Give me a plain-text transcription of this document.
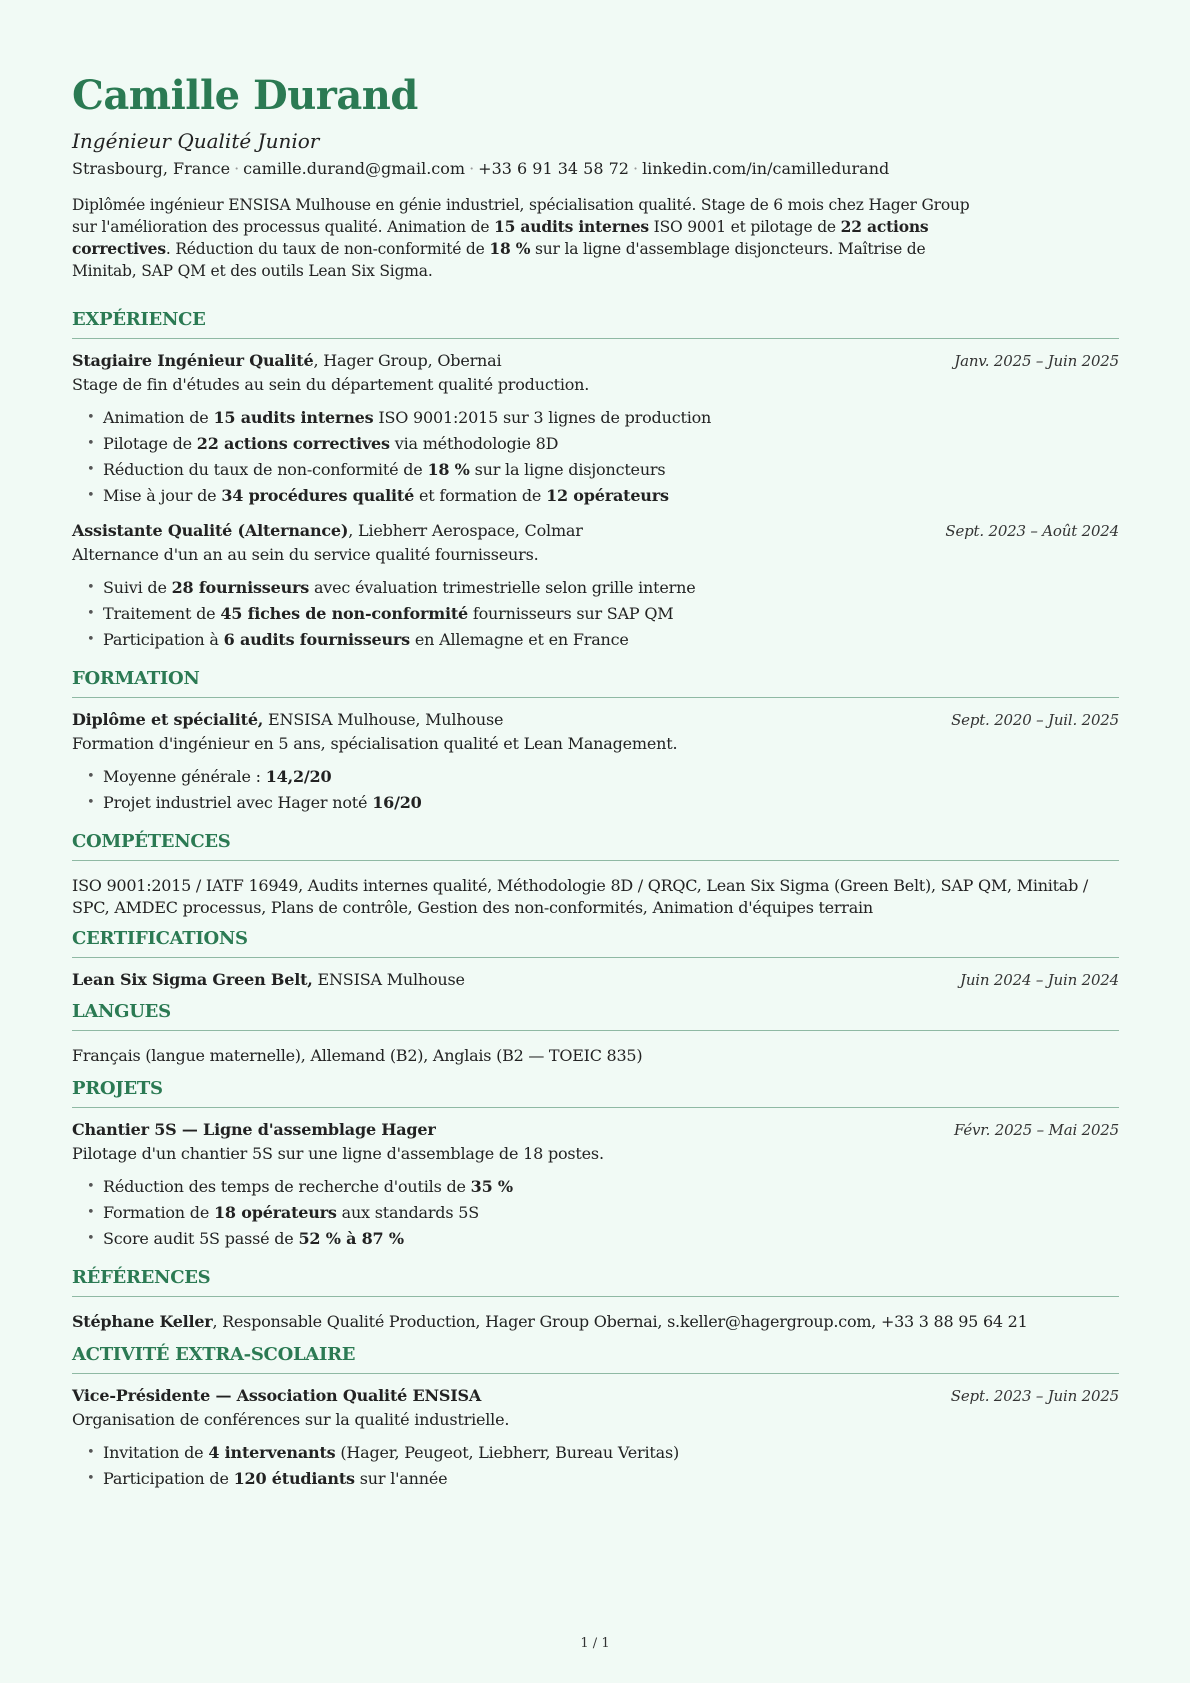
Camille Durand
Ingénieur Qualité Junior
Strasbourg, France · camille.durand@gmail.com · +33 6 91 34 58 72 · linkedin.com/in/camilledurand
Diplômée ingénieur ENSISA Mulhouse en génie industriel, spécialisation qualité. Stage de 6 mois chez Hager Group sur l'amélioration des processus qualité. Animation de 15 audits internes ISO 9001 et pilotage de 22 actions correctives. Réduction du taux de non-conformité de 18 % sur la ligne d'assemblage disjoncteurs. Maîtrise de Minitab, SAP QM et des outils Lean Six Sigma.
EXPÉRIENCE
Stagiaire Ingénieur Qualité, Hager Group, Obernai	Janv. 2025 – Juin 2025
Stage de fin d'études au sein du département qualité production.
• Animation de 15 audits internes ISO 9001:2015 sur 3 lignes de production
• Pilotage de 22 actions correctives via méthodologie 8D
• Réduction du taux de non-conformité de 18 % sur la ligne disjoncteurs
• Mise à jour de 34 procédures qualité et formation de 12 opérateurs
Assistante Qualité (Alternance), Liebherr Aerospace, Colmar	Sept. 2023 – Août 2024
Alternance d'un an au sein du service qualité fournisseurs.
• Suivi de 28 fournisseurs avec évaluation trimestrielle selon grille interne
• Traitement de 45 fiches de non-conformité fournisseurs sur SAP QM
• Participation à 6 audits fournisseurs en Allemagne et en France
FORMATION
Diplôme et spécialité, ENSISA Mulhouse, Mulhouse	Sept. 2020 – Juil. 2025
Formation d'ingénieur en 5 ans, spécialisation qualité et Lean Management.
• Moyenne générale : 14,2/20
• Projet industriel avec Hager noté 16/20
COMPÉTENCES
ISO 9001:2015 / IATF 16949, Audits internes qualité, Méthodologie 8D / QRQC, Lean Six Sigma (Green Belt), SAP QM, Minitab / SPC, AMDEC processus, Plans de contrôle, Gestion des non-conformités, Animation d'équipes terrain
CERTIFICATIONS
Lean Six Sigma Green Belt, ENSISA Mulhouse	Juin 2024 – Juin 2024
LANGUES
Français (langue maternelle), Allemand (B2), Anglais (B2 — TOEIC 835)
PROJETS
Chantier 5S — Ligne d'assemblage Hager	Févr. 2025 – Mai 2025
Pilotage d'un chantier 5S sur une ligne d'assemblage de 18 postes.
• Réduction des temps de recherche d'outils de 35 %
• Formation de 18 opérateurs aux standards 5S
• Score audit 5S passé de 52 % à 87 %
RÉFÉRENCES
Stéphane Keller, Responsable Qualité Production, Hager Group Obernai, s.keller@hagergroup.com, +33 3 88 95 64 21
ACTIVITÉ EXTRA-SCOLAIRE
Vice-Présidente — Association Qualité ENSISA	Sept. 2023 – Juin 2025
Organisation de conférences sur la qualité industrielle.
• Invitation de 4 intervenants (Hager, Peugeot, Liebherr, Bureau Veritas)
• Participation de 120 étudiants sur l'année
1 / 1
